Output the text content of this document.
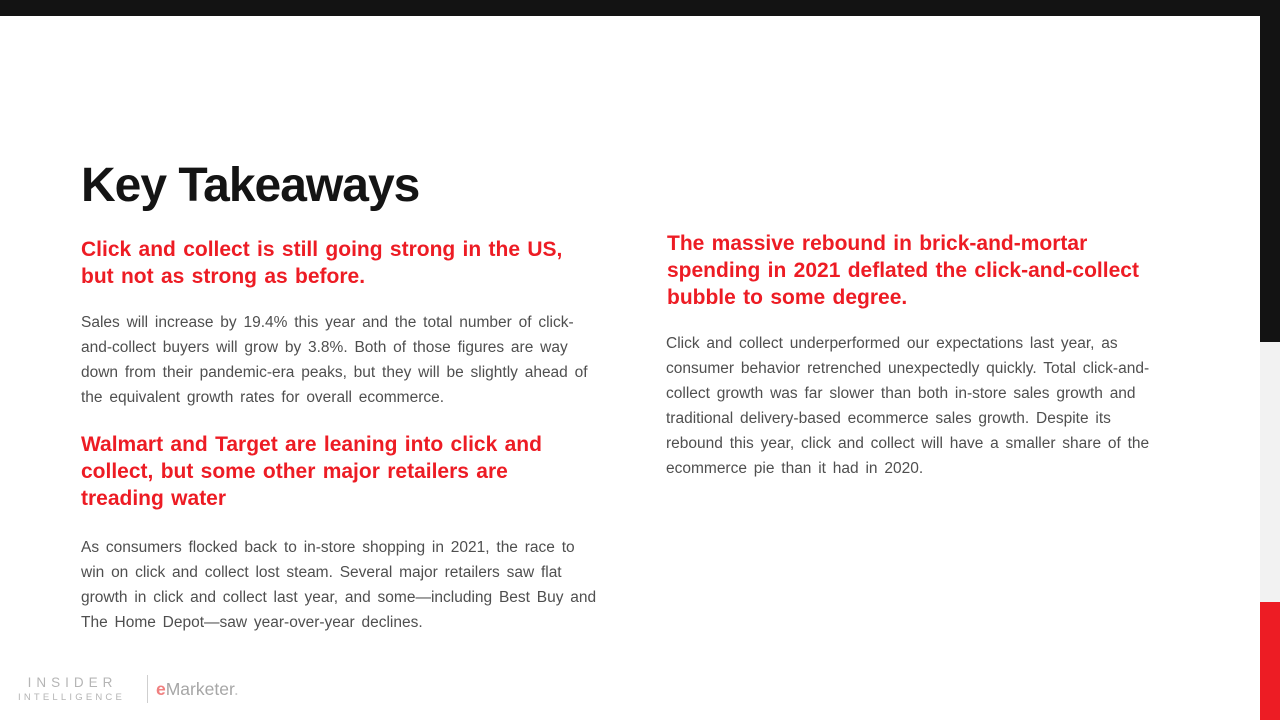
Key Takeaways
Click and collect is still going strong in the US,
but not as strong as before.
Sales will increase by 19.4% this year and the total number of click-
and-collect buyers will grow by 3.8%. Both of those figures are way
down from their pandemic-era peaks, but they will be slightly ahead of
the equivalent growth rates for overall ecommerce.
Walmart and Target are leaning into click and
collect, but some other major retailers are
treading water
As consumers flocked back to in-store shopping in 2021, the race to
win on click and collect lost steam. Several major retailers saw flat
growth in click and collect last year, and some—including Best Buy and
The Home Depot—saw year-over-year declines.
The massive rebound in brick-and-mortar
spending in 2021 deflated the click-and-collect
bubble to some degree.
Click and collect underperformed our expectations last year, as
consumer behavior retrenched unexpectedly quickly. Total click-and-
collect growth was far slower than both in-store sales growth and
traditional delivery-based ecommerce sales growth. Despite its
rebound this year, click and collect will have a smaller share of the
ecommerce pie than it had in 2020.
INSIDER
INTELLIGENCE eMarketer.
